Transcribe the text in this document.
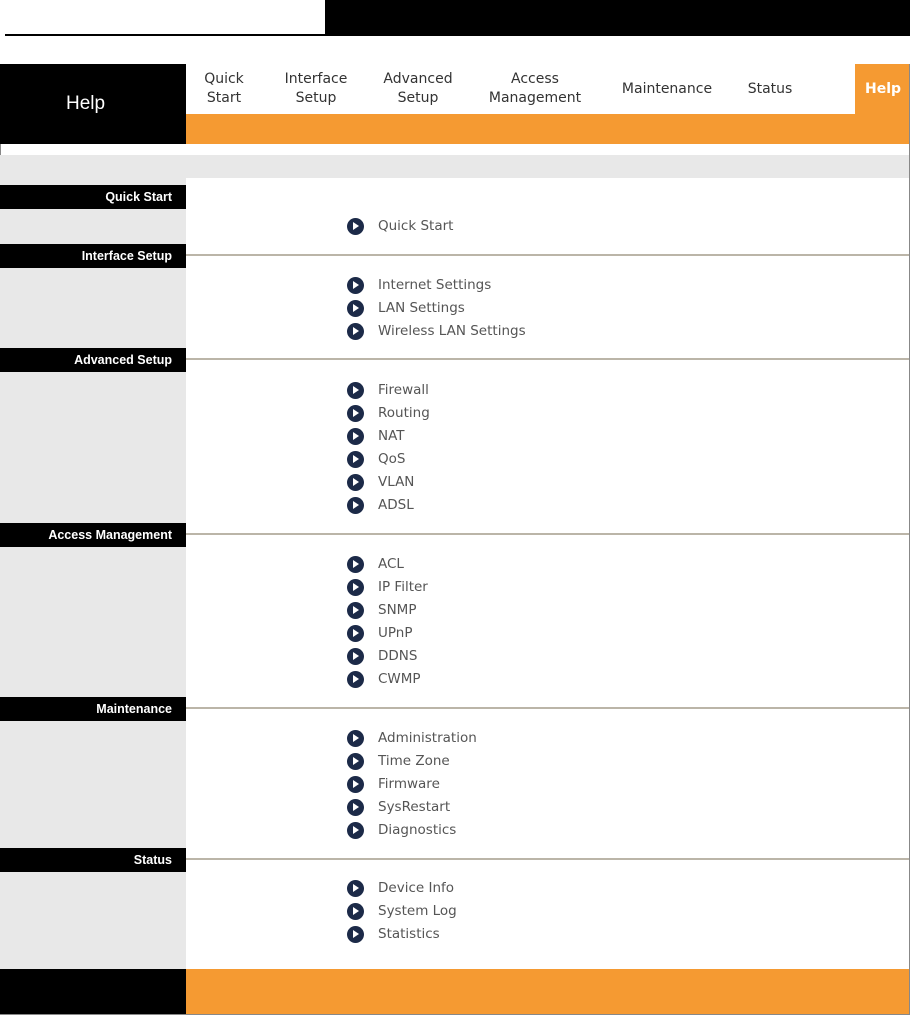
Help
Quick
Start
Interface
Setup
Advanced
Setup
Access
Management
Maintenance	Status	Help
Quick Start
Quick Start
Interface Setup
Internet Settings
LAN Settings
Wireless LAN Settings
Advanced Setup
Firewall
Routing
NAT
QoS
VLAN
ADSL
Access Management
ACL
IP Filter
SNMP
UPnP
DDNS
CWMP
Maintenance
Administration
Time Zone
Firmware
SysRestart
Diagnostics
Status
Device Info
System Log
Statistics
